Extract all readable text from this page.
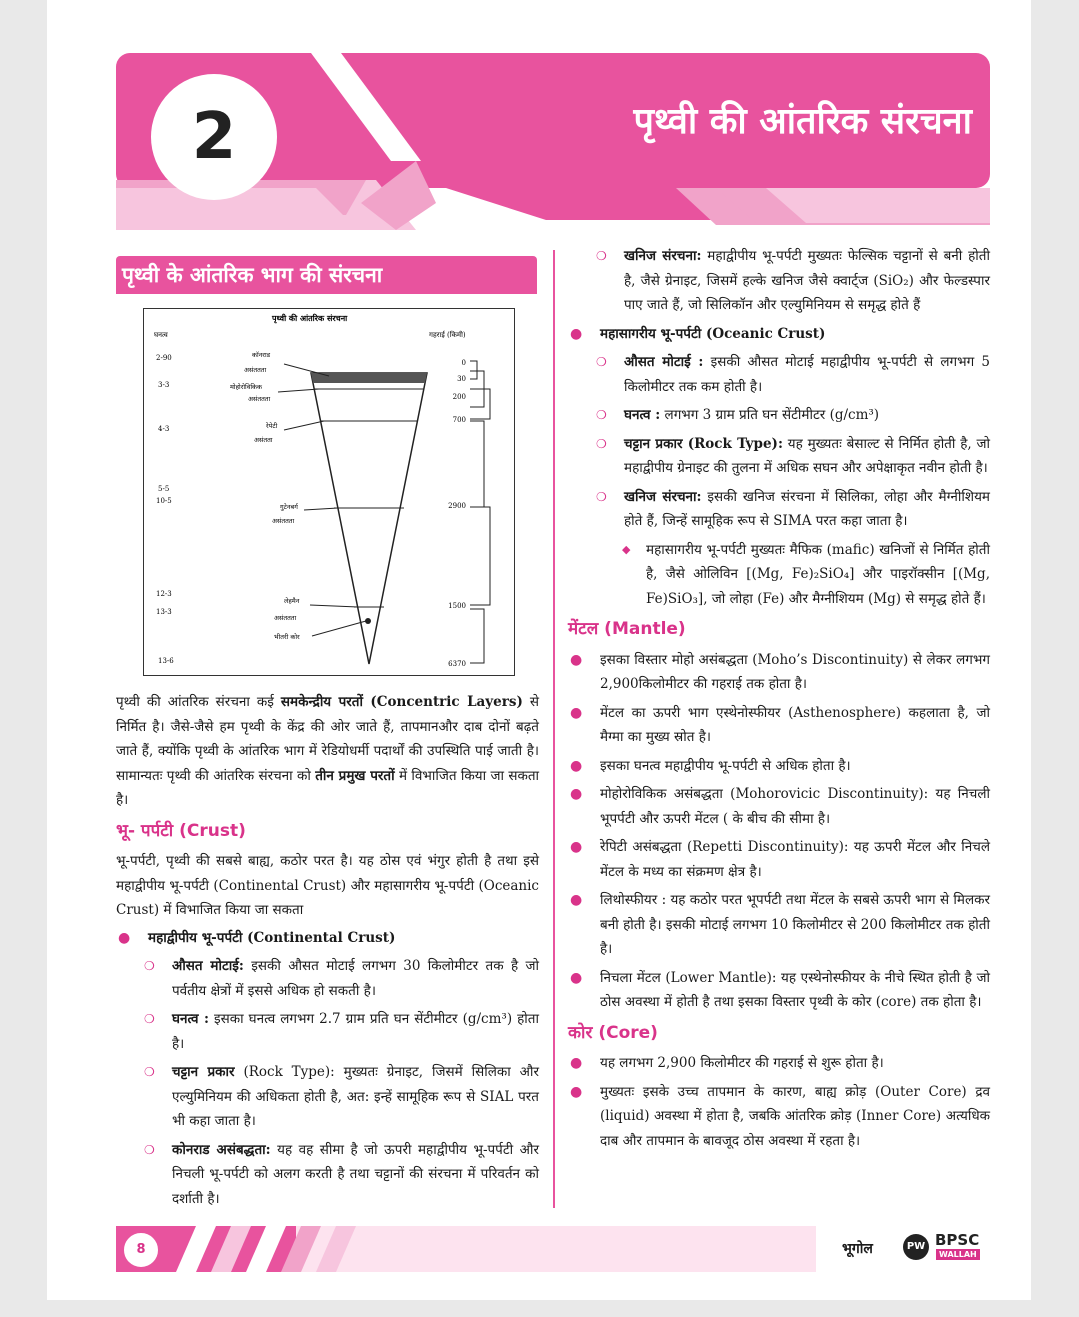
2	पृथ्वी की आंतरिक संरचना
पृथ्वी के आंतरिक भाग की संरचना
पृथ्वी की आंतरिक संरचना
घनत्व	गहराई (किमी)
2-90
3-3
4-3
5-5
10-5
12-3
13-3
13-6
कॉनराड
असंततता
मोहोरोविकिक
असंततता
रेपेटी
असंतता
गुटेनबर्ग
असंततता
लेहमैन
असंततता
भीतरी कोर
0
30
200
700
2900
1500
6370

पृथ्वी की आंतरिक संरचना कई समकेन्द्रीय परतों (Concentric Layers) से निर्मित है। जैसे-जैसे हम पृथ्वी के केंद्र की ओर जाते हैं, तापमानऔर दाब दोनों बढ़ते जाते हैं, क्योंकि पृथ्वी के आंतरिक भाग में रेडियोधर्मी पदार्थों की उपस्थिति पाई जाती है। सामान्यतः पृथ्वी की आंतरिक संरचना को तीन प्रमुख परतों में विभाजित किया जा सकता है।

भू- पर्पटी (Crust)

भू-पर्पटी, पृथ्वी की सबसे बाह्य, कठोर परत है। यह ठोस एवं भंगुर होती है तथा इसे महाद्वीपीय भू-पर्पटी (Continental Crust) और महासागरीय भू-पर्पटी (Oceanic Crust) में विभाजित किया जा सकता

● महाद्वीपीय भू-पर्पटी (Continental Crust)
❍ औसत मोटाई: इसकी औसत मोटाई लगभग 30 किलोमीटर तक है जो पर्वतीय क्षेत्रों में इससे अधिक हो सकती है।
❍ घनत्व : इसका घनत्व लगभग 2.7 ग्राम प्रति घन सेंटीमीटर (g/cm³) होता है।
❍ चट्टान प्रकार (Rock Type): मुख्यतः ग्रेनाइट, जिसमें सिलिका और एल्युमिनियम की अधिकता होती है, अत: इन्हें सामूहिक रूप से SIAL परत भी कहा जाता है।
❍ कोनराड असंबद्धता: यह वह सीमा है जो ऊपरी महाद्वीपीय भू-पर्पटी और निचली भू-पर्पटी को अलग करती है तथा चट्टानों की संरचना में परिवर्तन को दर्शाती है।
❍ खनिज संरचना: महाद्वीपीय भू-पर्पटी मुख्यतः फेल्सिक चट्टानों से बनी होती है, जैसे ग्रेनाइट, जिसमें हल्के खनिज जैसे क्वार्ट्ज (SiO₂) और फेल्डस्पार पाए जाते हैं, जो सिलिकॉन और एल्युमिनियम से समृद्ध होते हैं
● महासागरीय भू-पर्पटी (Oceanic Crust)
❍ औसत मोटाई : इसकी औसत मोटाई महाद्वीपीय भू-पर्पटी से लगभग 5 किलोमीटर तक कम होती है।
❍ घनत्व : लगभग 3 ग्राम प्रति घन सेंटीमीटर (g/cm³)
❍ चट्टान प्रकार (Rock Type): यह मुख्यतः बेसाल्ट से निर्मित होती है, जो महाद्वीपीय ग्रेनाइट की तुलना में अधिक सघन और अपेक्षाकृत नवीन होती है।
❍ खनिज संरचना: इसकी खनिज संरचना में सिलिका, लोहा और मैग्नीशियम होते हैं, जिन्हें सामूहिक रूप से SIMA परत कहा जाता है।
◆ महासागरीय भू-पर्पटी मुख्यतः मैफिक (mafic) खनिजों से निर्मित होती है, जैसे ओलिविन [(Mg, Fe)₂SiO₄] और पाइरॉक्सीन [(Mg, Fe)SiO₃], जो लोहा (Fe) और मैग्नीशियम (Mg) से समृद्ध होते हैं।
मेंटल (Mantle)
● इसका विस्तार मोहो असंबद्धता (Moho’s Discontinuity) से लेकर लगभग 2,900किलोमीटर की गहराई तक होता है।
● मेंटल का ऊपरी भाग एस्थेनोस्फीयर (Asthenosphere) कहलाता है, जो मैग्मा का मुख्य स्रोत है।
● इसका घनत्व महाद्वीपीय भू-पर्पटी से अधिक होता है।
● मोहोरोविकिक असंबद्धता (Mohorovicic Discontinuity): यह निचली भूपर्पटी और ऊपरी मेंटल ( के बीच की सीमा है।
● रेपिटी असंबद्धता (Repetti Discontinuity): यह ऊपरी मेंटल और निचले मेंटल के मध्य का संक्रमण क्षेत्र है।
● लिथोस्फीयर : यह कठोर परत भूपर्पटी तथा मेंटल के सबसे ऊपरी भाग से मिलकर बनी होती है। इसकी मोटाई लगभग 10 किलोमीटर से 200 किलोमीटर तक होती है।
● निचला मेंटल (Lower Mantle): यह एस्थेनोस्फीयर के नीचे स्थित होती है जो ठोस अवस्था में होती है तथा इसका विस्तार पृथ्वी के कोर (core) तक होता है।
कोर (Core)
● यह लगभग 2,900 किलोमीटर की गहराई से शुरू होता है।
● मुख्यतः इसके उच्च तापमान के कारण, बाह्य क्रोड़ (Outer Core) द्रव (liquid) अवस्था में होता है, जबकि आंतरिक क्रोड़ (Inner Core) अत्यधिक दाब और तापमान के बावजूद ठोस अवस्था में रहता है।
8	भूगोल	PW BPSC
WALLAH
